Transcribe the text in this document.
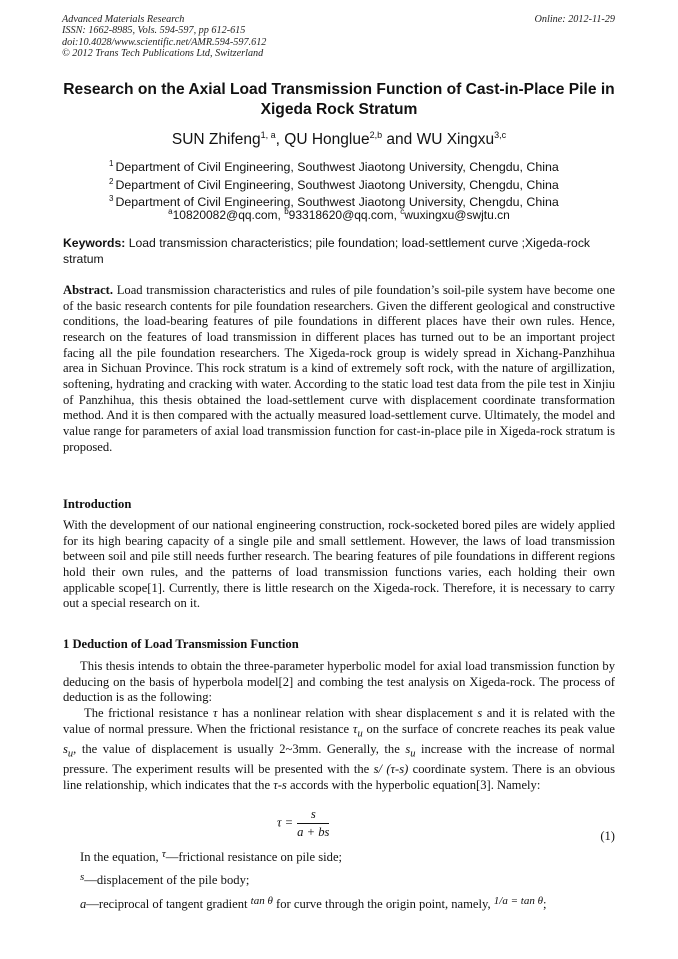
Advanced Materials Research
ISSN: 1662-8985, Vols. 594-597, pp 612-615
doi:10.4028/www.scientific.net/AMR.594-597.612
© 2012 Trans Tech Publications Ltd, Switzerland
Online: 2012-11-29
Research on the Axial Load Transmission Function of Cast-in-Place Pile in Xigeda Rock Stratum
SUN Zhifeng$^{1, a}$, QU Honglue$^{2,b}$ and WU Xingxu$^{3,c}$
$^1$ Department of Civil Engineering, Southwest Jiaotong University, Chengdu, China
$^2$ Department of Civil Engineering, Southwest Jiaotong University, Chengdu, China
$^3$ Department of Civil Engineering, Southwest Jiaotong University, Chengdu, China
$^a$10820082@qq.com, $^b$93318620@qq.com, $^c$wuxingxu@swjtu.cn
Keywords: Load transmission characteristics; pile foundation; load-settlement curve ;Xigeda-rock stratum

Abstract. Load transmission characteristics and rules of pile foundation’s soil-pile system have become one of the basic research contents for pile foundation researchers. Given the different geological and constructive conditions, the load-bearing features of pile foundations in different places have their own rules. Hence, research on the features of load transmission in different places has turned out to be an important project facing all the pile foundation researchers. The Xigeda-rock group is widely spread in Xichang-Panzhihua area in Sichuan Province. This rock stratum is a kind of extremely soft rock, with the nature of argillization, softening, hydrating and cracking with water. According to the static load test data from the pile test in Xinjiu of Panzhihua, this thesis obtained the load-settlement curve with displacement coordinate transformation method. And it is then compared with the actually measured load-settlement curve. Ultimately, the model and value range for parameters of axial load transmission function for cast-in-place pile in Xigeda-rock stratum is proposed.

Introduction

With the development of our national engineering construction, rock-socketed bored piles are widely applied for its high bearing capacity of a single pile and small settlement. However, the laws of load transmission between soil and pile still needs further research. The bearing features of pile foundations in different regions hold their own rules, and the patterns of load transmission functions varies, each holding their own applicable scope[1]. Currently, there is little research on the Xigeda-rock. Therefore, it is necessary to carry out a special research on it.

1 Deduction of Load Transmission Function

This thesis intends to obtain the three-parameter hyperbolic model for axial load transmission function by deducing on the basis of hyperbola model[2] and combing the test analysis on Xigeda-rock. The process of deduction is as the following:

The frictional resistance τ has a nonlinear relation with shear displacement s and it is related with the value of normal pressure. When the frictional resistance $\tau_u$ on the surface of concrete reaches its peak value $s_u$, the value of displacement is usually 2~3mm. Generally, the $s_u$ increase with the increase of normal pressure. The experiment results will be presented with the s/ (τ-s) coordinate system. There is an obvious line relationship, which indicates that the τ-s accords with the hyperbolic equation[3]. Namely:

$\tau = \frac{s}{a + bs}$	(1)
In the equation, τ—frictional resistance on pile side;
s—displacement of the pile body;
a—reciprocal of tangent gradient tan θ for curve through the origin point, namely, 1/a = tan θ;
